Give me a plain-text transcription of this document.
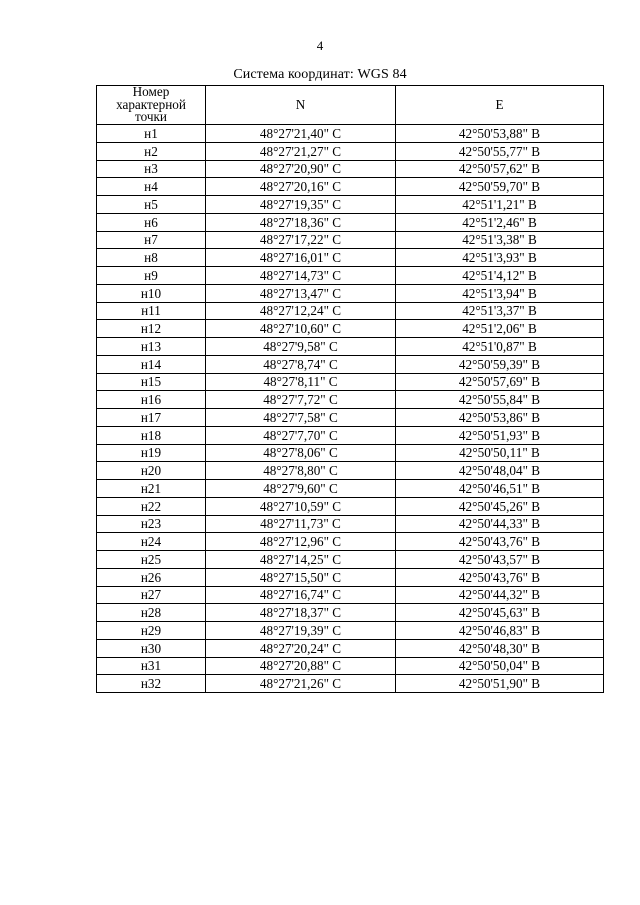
4
Система координат: WGS 84
Номер
характерной
точки	N	E
н1	48°27'21,40" С	42°50'53,88" В
н2	48°27'21,27" С	42°50'55,77" В
н3	48°27'20,90" С	42°50'57,62" В
н4	48°27'20,16" С	42°50'59,70" В
н5	48°27'19,35" С	42°51'1,21" В
н6	48°27'18,36" С	42°51'2,46" В
н7	48°27'17,22" С	42°51'3,38" В
н8	48°27'16,01" С	42°51'3,93" В
н9	48°27'14,73" С	42°51'4,12" В
н10	48°27'13,47" С	42°51'3,94" В
н11	48°27'12,24" С	42°51'3,37" В
н12	48°27'10,60" С	42°51'2,06" В
н13	48°27'9,58" С	42°51'0,87" В
н14	48°27'8,74" С	42°50'59,39" В
н15	48°27'8,11" С	42°50'57,69" В
н16	48°27'7,72" С	42°50'55,84" В
н17	48°27'7,58" С	42°50'53,86" В
н18	48°27'7,70" С	42°50'51,93" В
н19	48°27'8,06" С	42°50'50,11" В
н20	48°27'8,80" С	42°50'48,04" В
н21	48°27'9,60" С	42°50'46,51" В
н22	48°27'10,59" С	42°50'45,26" В
н23	48°27'11,73" С	42°50'44,33" В
н24	48°27'12,96" С	42°50'43,76" В
н25	48°27'14,25" С	42°50'43,57" В
н26	48°27'15,50" С	42°50'43,76" В
н27	48°27'16,74" С	42°50'44,32" В
н28	48°27'18,37" С	42°50'45,63" В
н29	48°27'19,39" С	42°50'46,83" В
н30	48°27'20,24" С	42°50'48,30" В
н31	48°27'20,88" С	42°50'50,04" В
н32	48°27'21,26" С	42°50'51,90" В
